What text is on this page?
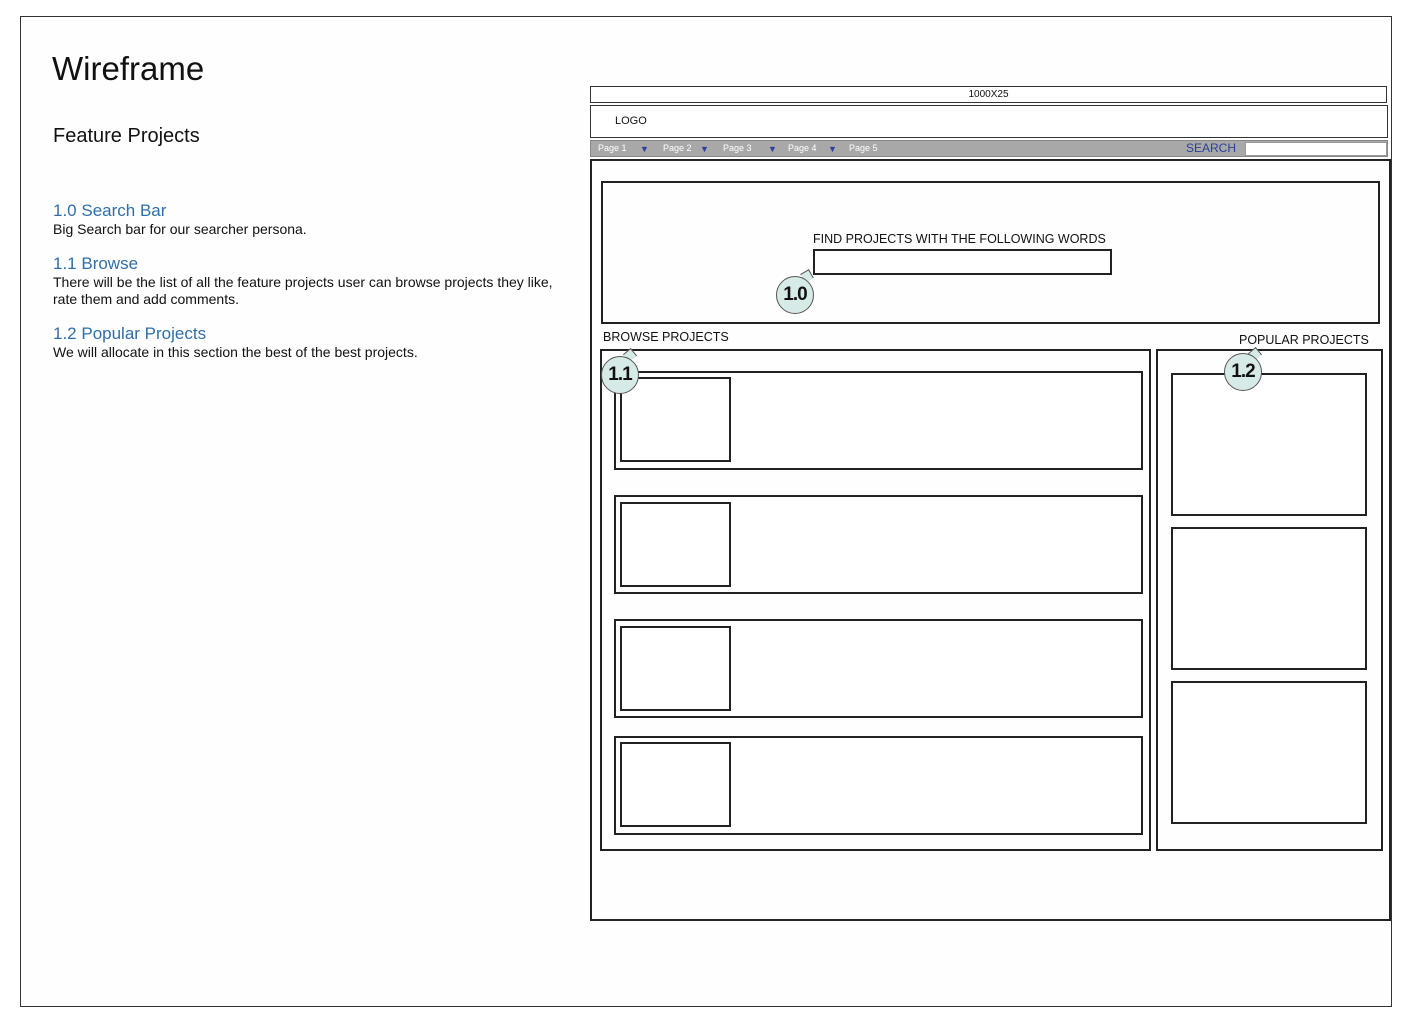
Wireframe
Feature Projects
1.0 Search Bar
Big Search bar for our searcher persona.
1.1 Browse
There will be the list of all the feature projects user can browse projects they like, rate them and add comments.
1.2 Popular Projects
We will allocate in this section the best of the best projects.
1000X25
LOGO
Page 1 ▼ Page 2 ▼ Page 3 ▼ Page 4 ▼ Page 5	SEARCH
FIND PROJECTS WITH THE FOLLOWING WORDS
1.0
BROWSE PROJECTS	POPULAR PROJECTS
1.1	1.2
